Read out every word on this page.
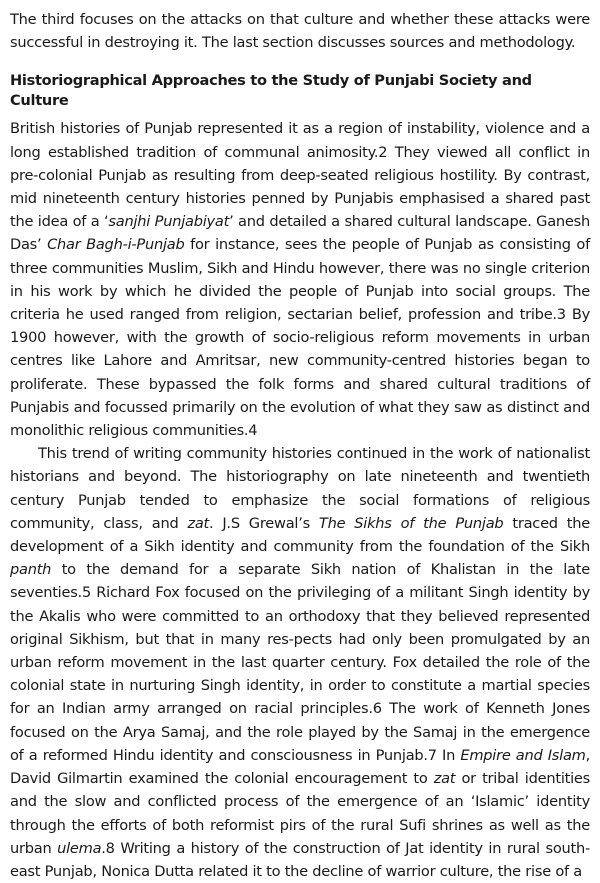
The third focuses on the attacks on that culture and whether these attacks were successful in destroying it. The last section discusses sources and methodology.

Historiographical Approaches to the Study of Punjabi Society and Culture

British histories of Punjab represented it as a region of instability, violence and a long established tradition of communal animosity.2 They viewed all conflict in pre-colonial Punjab as resulting from deep-seated religious hostility. By contrast, mid nineteenth century histories penned by Punjabis emphasised a shared past the idea of a ‘sanjhi Punjabiyat’ and detailed a shared cultural landscape. Ganesh Das’ Char Bagh-i-Punjab for instance, sees the people of Punjab as consisting of three communities Muslim, Sikh and Hindu however, there was no single criterion in his work by which he divided the people of Punjab into social groups. The criteria he used ranged from religion, sectarian belief, profession and tribe.3 By 1900 however, with the growth of socio-religious reform movements in urban centres like Lahore and Amritsar, new community-centred histories began to proliferate. These bypassed the folk forms and shared cultural traditions of Punjabis and focussed primarily on the evolution of what they saw as distinct and monolithic religious communities.4

This trend of writing community histories continued in the work of nationalist historians and beyond. The historiography on late nineteenth and twentieth century Punjab tended to emphasize the social formations of religious community, class, and zat. J.S Grewal’s The Sikhs of the Punjab traced the development of a Sikh identity and community from the foundation of the Sikh panth to the demand for a separate Sikh nation of Khalistan in the late seventies.5 Richard Fox focused on the privileging of a militant Singh identity by the Akalis who were committed to an orthodoxy that they believed represented original Sikhism, but that in many res-pects had only been promulgated by an urban reform movement in the last quarter century. Fox detailed the role of the colonial state in nurturing Singh identity, in order to constitute a martial species for an Indian army arranged on racial principles.6 The work of Kenneth Jones focused on the Arya Samaj, and the role played by the Samaj in the emergence of a reformed Hindu identity and consciousness in Punjab.7 In Empire and Islam, David Gilmartin examined the colonial encouragement to zat or tribal identities and the slow and conflicted process of the emergence of an ‘Islamic’ identity through the efforts of both reformist pirs of the rural Sufi shrines as well as the urban ulema.8 Writing a history of the construction of Jat identity in rural south-east Punjab, Nonica Dutta related it to the decline of warrior culture, the rise of a
